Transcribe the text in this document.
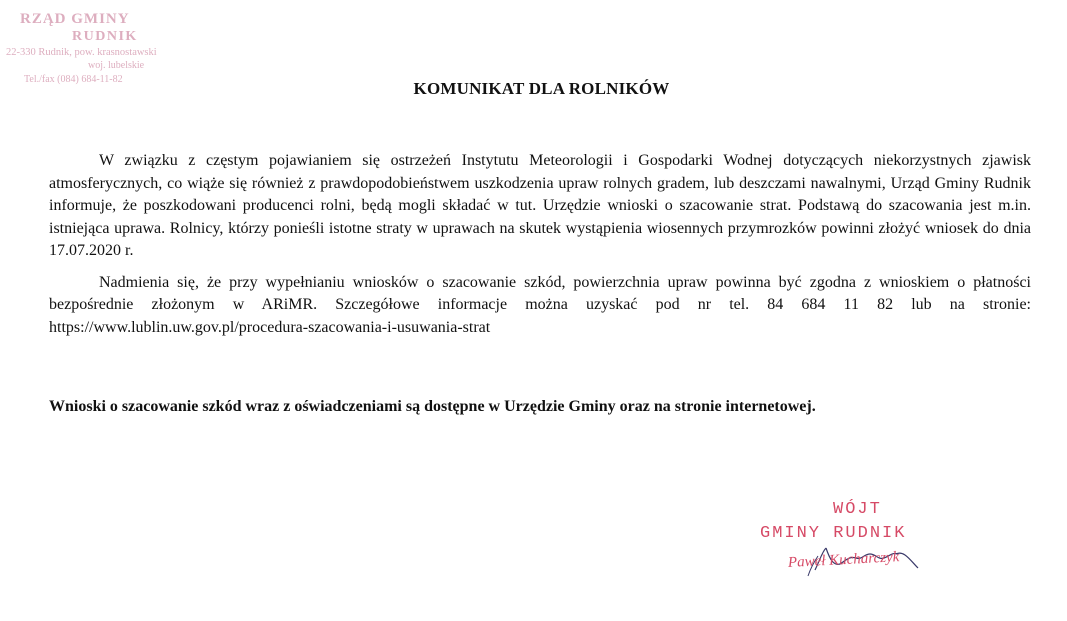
RZĄD GMINY
RUDNIK
22-330 Rudnik, pow. krasnostawski
woj. lubelskie
Tel./fax (084) 684-11-82	KOMUNIKAT DLA ROLNIKÓW

W związku z częstym pojawianiem się ostrzeżeń Instytutu Meteorologii i Gospodarki Wodnej dotyczących niekorzystnych zjawisk atmosferycznych, co wiąże się również z prawdopodobieństwem uszkodzenia upraw rolnych gradem, lub deszczami nawalnymi, Urząd Gminy Rudnik informuje, że poszkodowani producenci rolni, będą mogli składać w tut. Urzędzie wnioski o szacowanie strat. Podstawą do szacowania jest m.in. istniejąca uprawa. Rolnicy, którzy ponieśli istotne straty w uprawach na skutek wystąpienia wiosennych przymrozków powinni złożyć wniosek do dnia 17.07.2020 r.

Nadmienia się, że przy wypełnianiu wniosków o szacowanie szkód, powierzchnia upraw powinna być zgodna z wnioskiem o płatności bezpośrednie złożonym w ARiMR. Szczegółowe informacje można uzyskać pod nr tel. 84 684 11 82 lub na stronie: https://www.lublin.uw.gov.pl/procedura-szacowania-i-usuwania-strat

Wnioski o szacowanie szkód wraz z oświadczeniami są dostępne w Urzędzie Gminy oraz na stronie internetowej.
WÓJT
GMINY RUDNIK
Paweł Kucharczyk
